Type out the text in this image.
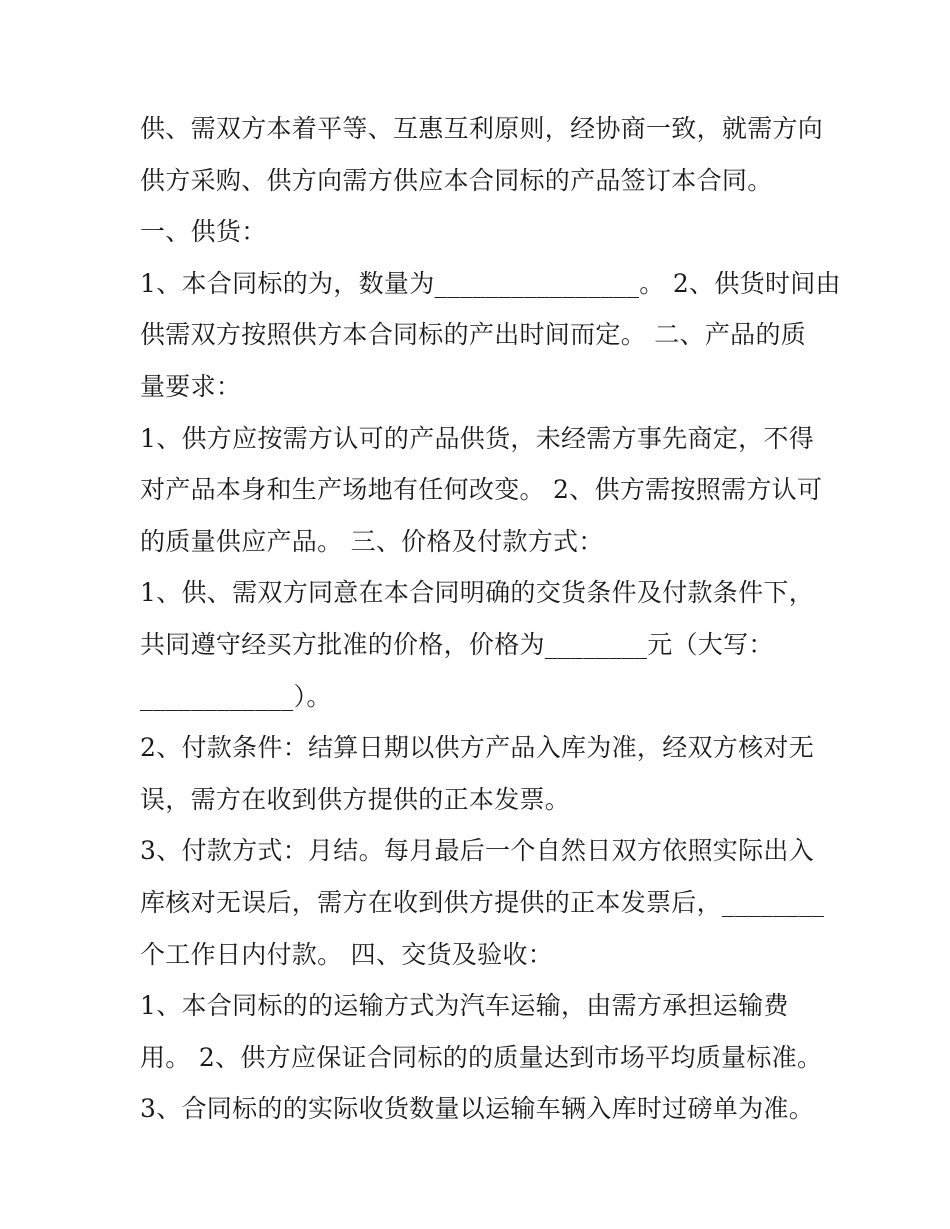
供、需双方本着平等、互惠互利原则，经协商一致，就需方向
供方采购、供方向需方供应本合同标的产品签订本合同。
一、供货：
1、本合同标的为，数量为________________。 2、供货时间由
供需双方按照供方本合同标的产出时间而定。 二、产品的质
量要求：
1、供方应按需方认可的产品供货，未经需方事先商定，不得
对产品本身和生产场地有任何改变。 2、供方需按照需方认可
的质量供应产品。 三、价格及付款方式：
1、供、需双方同意在本合同明确的交货条件及付款条件下，
共同遵守经买方批准的价格，价格为________元（大写：
____________）。
2、付款条件：结算日期以供方产品入库为准，经双方核对无
误，需方在收到供方提供的正本发票。
3、付款方式：月结。每月最后一个自然日双方依照实际出入
库核对无误后，需方在收到供方提供的正本发票后，________
个工作日内付款。 四、交货及验收：
1、本合同标的的运输方式为汽车运输，由需方承担运输费
用。 2、供方应保证合同标的的质量达到市场平均质量标准。
3、合同标的的实际收货数量以运输车辆入库时过磅单为准。
